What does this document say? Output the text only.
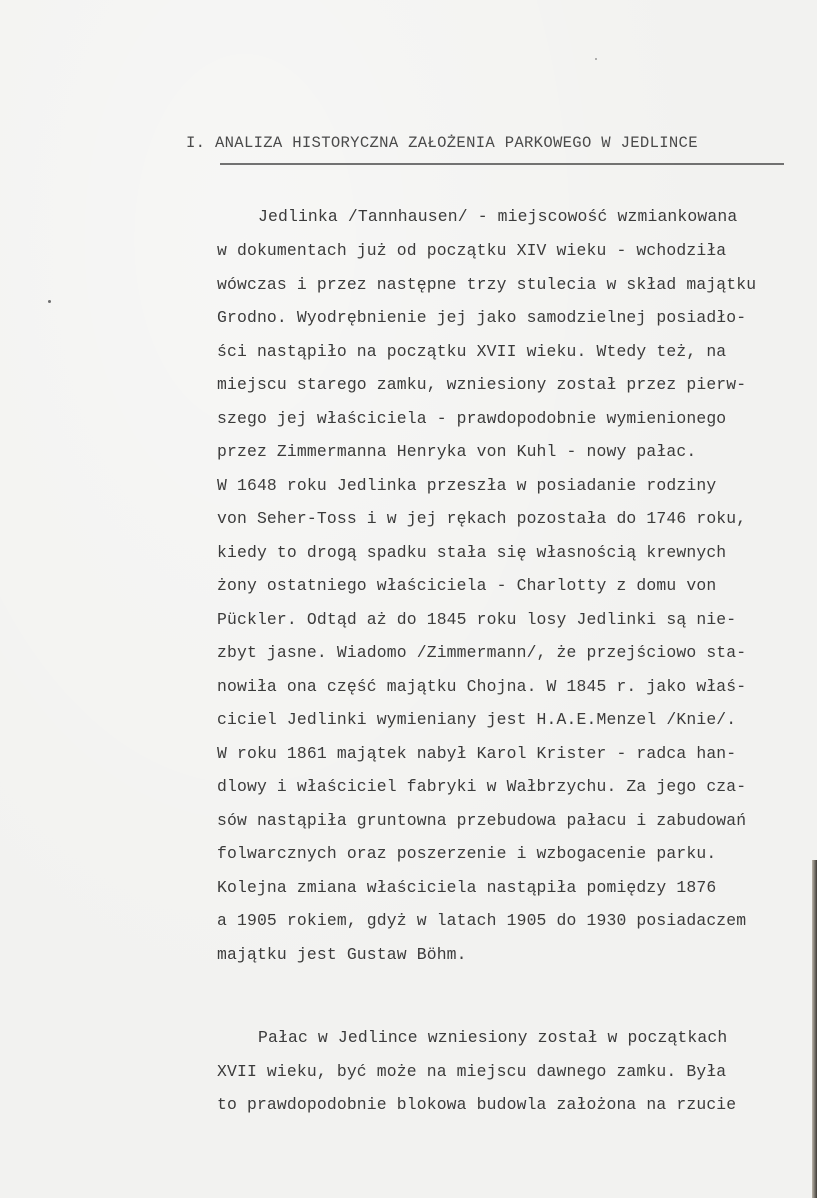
I. ANALIZA HISTORYCZNA ZAŁOŻENIA PARKOWEGO W JEDLINCE
Jedlinka /Tannhausen/ - miejscowość wzmiankowana
w dokumentach już od początku XIV wieku - wchodziła
wówczas i przez następne trzy stulecia w skład majątku
Grodno. Wyodrębnienie jej jako samodzielnej posiadło-
ści nastąpiło na początku XVII wieku. Wtedy też, na
miejscu starego zamku, wzniesiony został przez pierw-
szego jej właściciela - prawdopodobnie wymienionego
przez Zimmermanna Henryka von Kuhl - nowy pałac.
W 1648 roku Jedlinka przeszła w posiadanie rodziny
von Seher-Toss i w jej rękach pozostała do 1746 roku,
kiedy to drogą spadku stała się własnością krewnych
żony ostatniego właściciela - Charlotty z domu von
Pückler. Odtąd aż do 1845 roku losy Jedlinki są nie-
zbyt jasne. Wiadomo /Zimmermann/, że przejściowo sta-
nowiła ona część majątku Chojna. W 1845 r. jako właś-
ciciel Jedlinki wymieniany jest H.A.E.Menzel /Knie/.
W roku 1861 majątek nabył Karol Krister - radca han-
dlowy i właściciel fabryki w Wałbrzychu. Za jego cza-
sów nastąpiła gruntowna przebudowa pałacu i zabudowań
folwarcznych oraz poszerzenie i wzbogacenie parku.
Kolejna zmiana właściciela nastąpiła pomiędzy 1876
a 1905 rokiem, gdyż w latach 1905 do 1930 posiadaczem
majątku jest Gustaw Böhm.
Pałac w Jedlince wzniesiony został w początkach
XVII wieku, być może na miejscu dawnego zamku. Była
to prawdopodobnie blokowa budowla założona na rzucie
